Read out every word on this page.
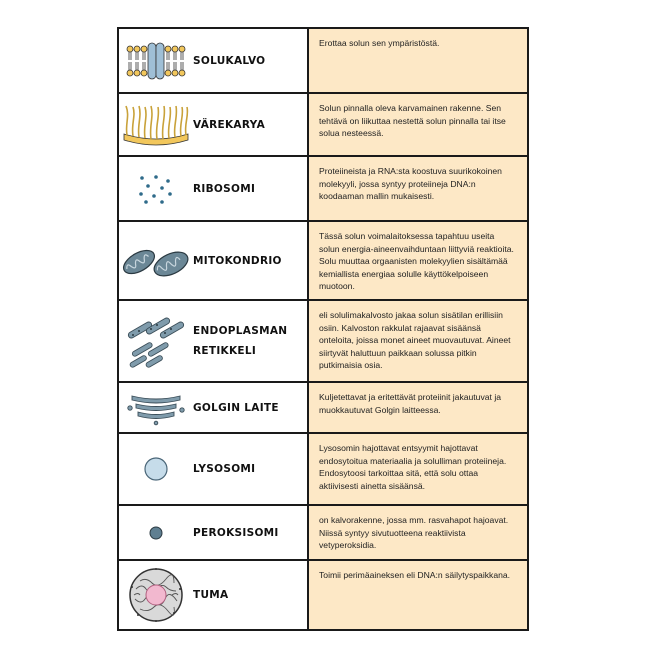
SOLUKALVO
Erottaa solun sen ympäristöstä.
VÄREKARYA
Solun pinnalla oleva karvamainen rakenne. Sen tehtävä on liikuttaa nestettä solun pinnalla tai itse solua nesteessä.
RIBOSOMI
Proteiineista ja RNA:sta koostuva suurikokoinen molekyyli, jossa syntyy proteiineja DNA:n koodaaman mallin mukaisesti.
MITOKONDRIO
Tässä solun voimalaitoksessa tapahtuu useita solun energia-aineenvaihduntaan liittyviä reaktioita. Solu muuttaa orgaanisten molekyylien sisältämää kemiallista energiaa solulle käyttökelpoiseen muotoon.
ENDOPLASMAN
RETIKKELI
eli solulimakalvosto jakaa solun sisätilan erillisiin osiin. Kalvoston rakkulat rajaavat sisäänsä onteloita, joissa monet aineet muovautuvat. Aineet siirtyvät haluttuun paikkaan solussa pitkin putkimaisia osia.
GOLGIN LAITE
Kuljetettavat ja eritettävät proteiinit jakautuvat ja muokkautuvat Golgin laitteessa.
LYSOSOMI
Lysosomin hajottavat entsyymit hajottavat endosytoitua materiaalia ja solulliman proteiineja. Endosytoosi tarkoittaa sitä, että solu ottaa aktiivisesti ainetta sisäänsä.
PEROKSISOMI
on kalvorakenne, jossa mm. rasvahapot hajoavat. Niissä syntyy sivutuotteena reaktiivista vetyperoksidia.
TUMA
Toimii perimäaineksen eli DNA:n säilytyspaikkana.
